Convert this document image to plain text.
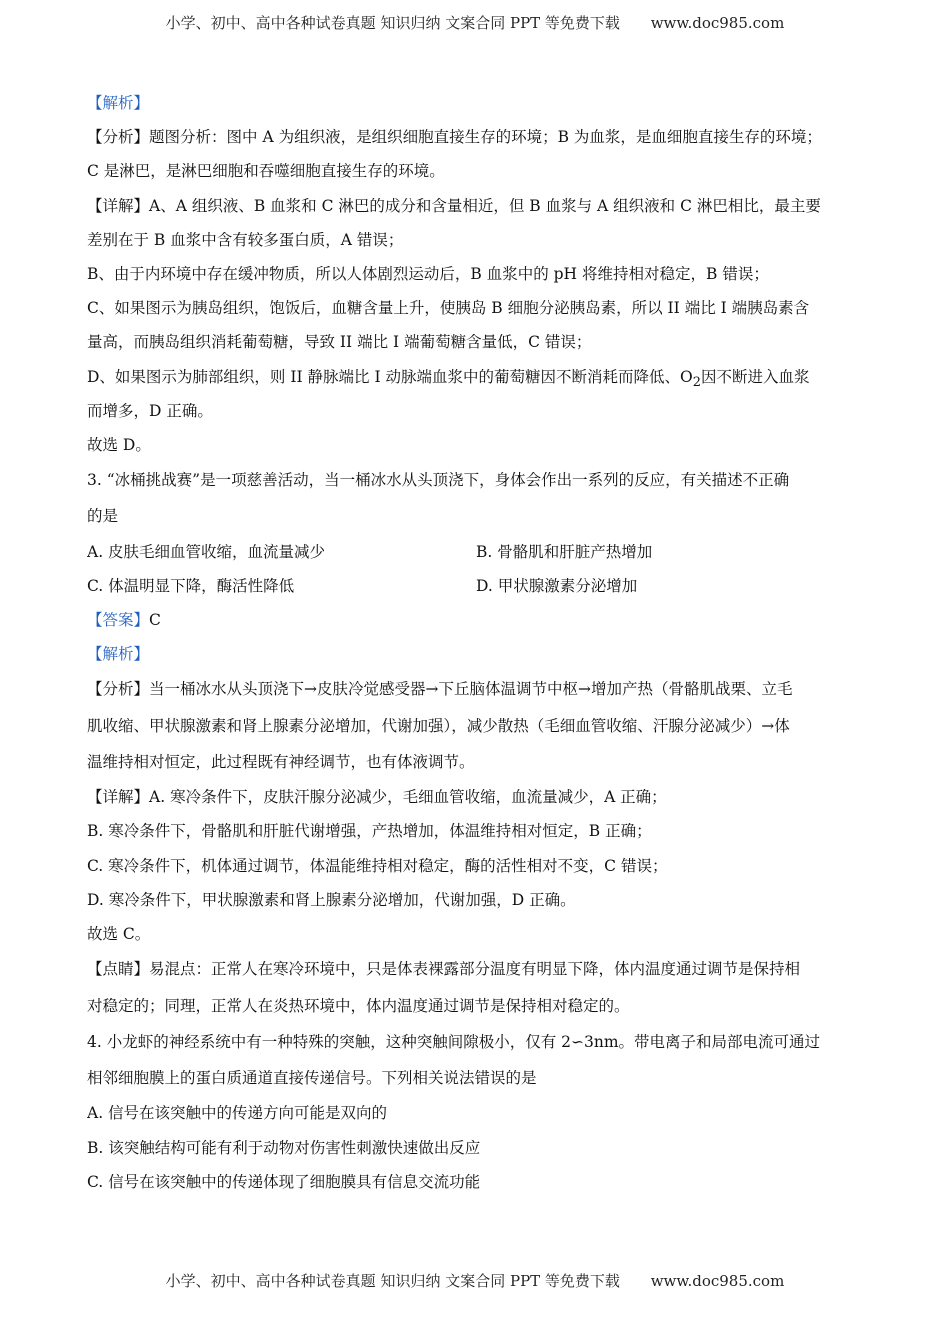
小学、初中、高中各种试卷真题 知识归纳 文案合同 PPT 等免费下载 www.doc985.com
【解析】
【分析】题图分析：图中 A 为组织液，是组织细胞直接生存的环境；B 为血浆，是血细胞直接生存的环境；
C 是淋巴，是淋巴细胞和吞噬细胞直接生存的环境。
【详解】A、A 组织液、B 血浆和 C 淋巴的成分和含量相近，但 B 血浆与 A 组织液和 C 淋巴相比，最主要
差别在于 B 血浆中含有较多蛋白质，A 错误；
B、由于内环境中存在缓冲物质，所以人体剧烈运动后，B 血浆中的 pH 将维持相对稳定，B 错误；
C、如果图示为胰岛组织，饱饭后，血糖含量上升，使胰岛 B 细胞分泌胰岛素，所以 II 端比 I 端胰岛素含
量高，而胰岛组织消耗葡萄糖，导致 II 端比 I 端葡萄糖含量低，C 错误；
D、如果图示为肺部组织，则 II 静脉端比 I 动脉端血浆中的葡萄糖因不断消耗而降低、$O_2$因不断进入血浆
而增多，D 正确。
故选 D。
3. “冰桶挑战赛”是一项慈善活动，当一桶冰水从头顶浇下，身体会作出一系列的反应，有关描述不正确
的是
A. 皮肤毛细血管收缩，血流量减少	B. 骨骼肌和肝脏产热增加
C. 体温明显下降，酶活性降低	D. 甲状腺激素分泌增加
【答案】C
【解析】
【分析】当一桶冰水从头顶浇下→皮肤冷觉感受器→下丘脑体温调节中枢→增加产热（骨骼肌战栗、立毛
肌收缩、甲状腺激素和肾上腺素分泌增加，代谢加强），减少散热（毛细血管收缩、汗腺分泌减少）→体
温维持相对恒定，此过程既有神经调节，也有体液调节。
【详解】A. 寒冷条件下，皮肤汗腺分泌减少，毛细血管收缩，血流量减少，A 正确；
B. 寒冷条件下，骨骼肌和肝脏代谢增强，产热增加，体温维持相对恒定，B 正确；
C. 寒冷条件下，机体通过调节，体温能维持相对稳定，酶的活性相对不变，C 错误；
D. 寒冷条件下，甲状腺激素和肾上腺素分泌增加，代谢加强，D 正确。
故选 C。
【点睛】易混点：正常人在寒冷环境中，只是体表裸露部分温度有明显下降，体内温度通过调节是保持相
对稳定的；同理，正常人在炎热环境中，体内温度通过调节是保持相对稳定的。
4. 小龙虾的神经系统中有一种特殊的突触，这种突触间隙极小，仅有 2∽3nm。带电离子和局部电流可通过
相邻细胞膜上的蛋白质通道直接传递信号。下列相关说法错误的是
A. 信号在该突触中的传递方向可能是双向的
B. 该突触结构可能有利于动物对伤害性刺激快速做出反应
C. 信号在该突触中的传递体现了细胞膜具有信息交流功能
小学、初中、高中各种试卷真题 知识归纳 文案合同 PPT 等免费下载 www.doc985.com
